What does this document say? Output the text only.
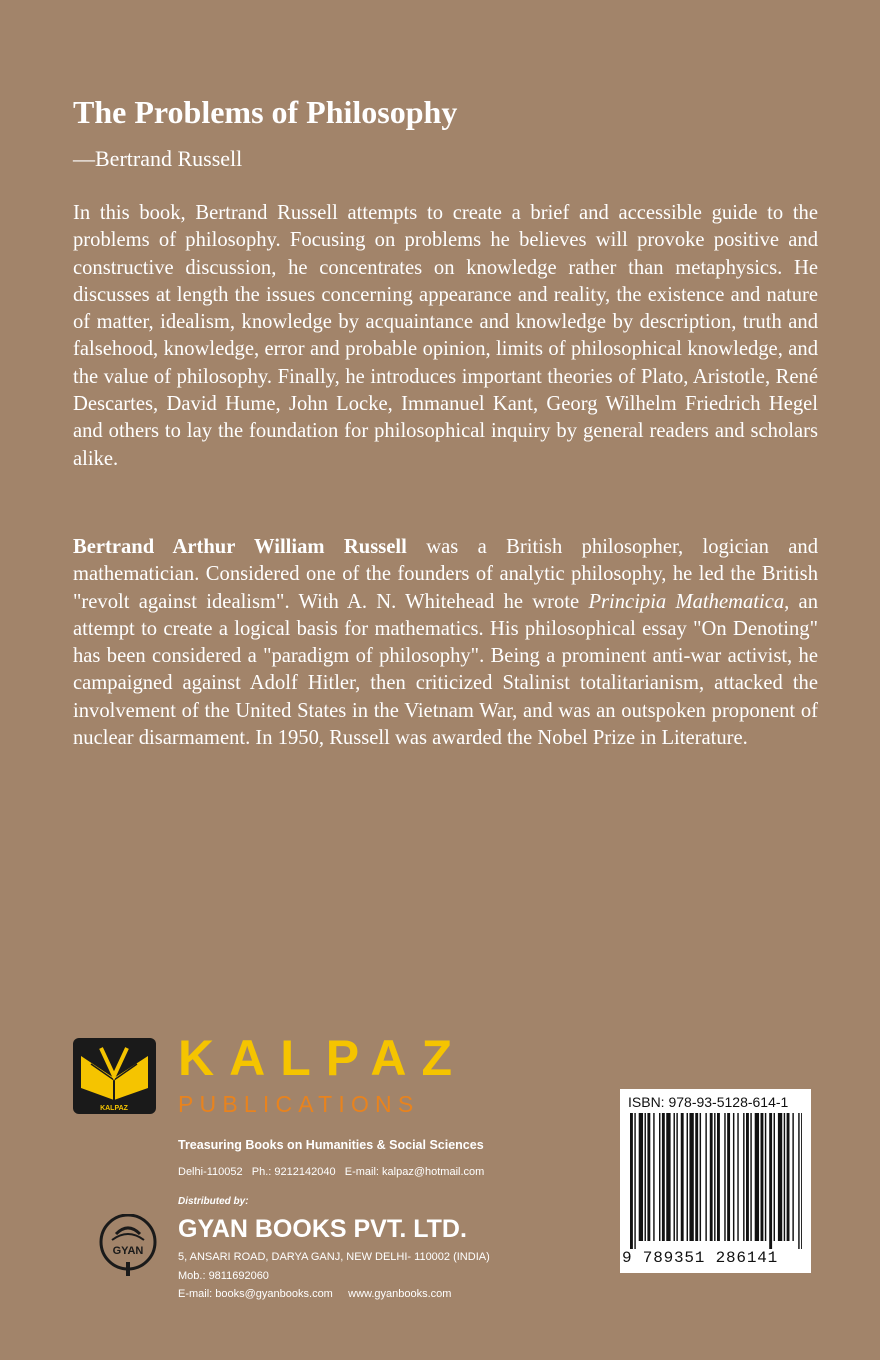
The Problems of Philosophy
—Bertrand Russell

In this book, Bertrand Russell attempts to create a brief and accessible guide to the problems of philosophy. Focusing on problems he believes will provoke positive and constructive discussion, he concentrates on knowledge rather than metaphysics. He discusses at length the issues concerning appearance and reality, the existence and nature of matter, idealism, knowledge by acquaintance and knowledge by description, truth and falsehood, knowledge, error and probable opinion, limits of philosophical knowledge, and the value of philosophy. Finally, he introduces important theories of Plato, Aristotle, René Descartes, David Hume, John Locke, Immanuel Kant, Georg Wilhelm Friedrich Hegel and others to lay the foundation for philosophical inquiry by general readers and scholars alike.

Bertrand Arthur William Russell was a British philosopher, logician and mathematician. Considered one of the founders of analytic philosophy, he led the British "revolt against idealism". With A. N. Whitehead he wrote Principia Mathematica, an attempt to create a logical basis for mathematics. His philosophical essay "On Denoting" has been considered a "paradigm of philosophy". Being a prominent anti-war activist, he campaigned against Adolf Hitler, then criticized Stalinist totalitarianism, attacked the involvement of the United States in the Vietnam War, and was an outspoken proponent of nuclear disarmament. In 1950, Russell was awarded the Nobel Prize in Literature.

KALPAZ
KALPAZ
PUBLICATIONS
Treasuring Books on Humanities & Social Sciences
Delhi-110052   Ph.: 9212142040   E-mail: kalpaz@hotmail.com
Distributed by:
GYAN
GYAN BOOKS PVT. LTD.
5, ANSARI ROAD, DARYA GANJ, NEW DELHI- 110002 (INDIA)
Mob.: 9811692060
E-mail: books@gyanbooks.com     www.gyanbooks.com
ISBN: 978-93-5128-614-1
9 789351 286141
